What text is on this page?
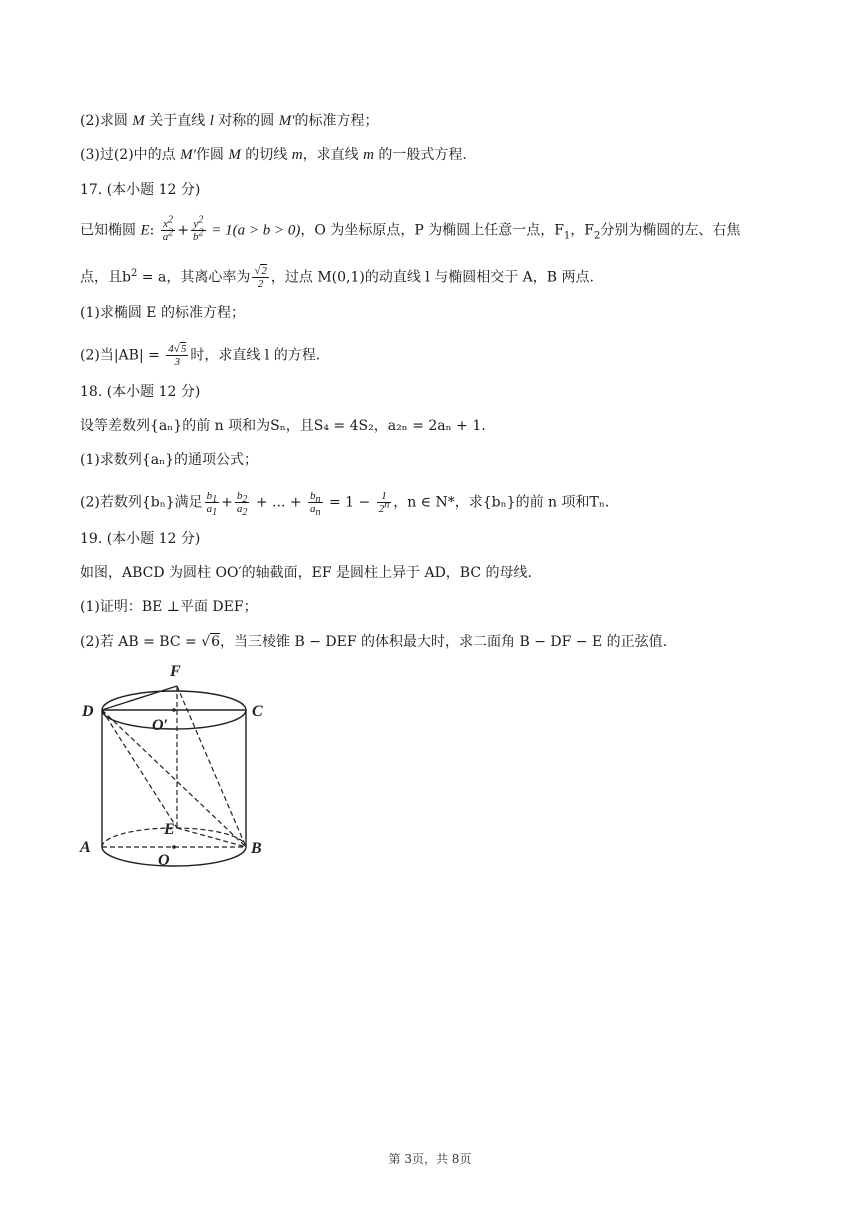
(2)求圆 M 关于直线 l 对称的圆 M′的标准方程；
(3)过(2)中的点 M′作圆 M 的切线 m，求直线 m 的一般式方程.
17. (本小题 12 分)
已知椭圆 E: $\frac{x^2}{a^2} + \frac{y^2}{b^2} = 1(a > b > 0)$，O 为坐标原点，P 为椭圆上任意一点，$F_1$，$F_2$分别为椭圆的左、右焦
点，且$b^2 = a$，其离心率为 $\frac{√2}{2}$ ，过点 M(0,1)的动直线 l 与椭圆相交于 A，B 两点.
(1)求椭圆 E 的标准方程；
(2)当$|AB| = \frac{4√5}{3}$ 时，求直线 l 的方程.
18. (本小题 12 分)
设等差数列{aₙ}的前 n 项和为Sₙ，且S₄ = 4S₂，a₂ₙ = 2aₙ + 1.
(1)求数列{aₙ}的通项公式；
(2)若数列{bₙ}满足 $\frac{b_1}{a_1} + \frac{b_2}{a_2}$ + ... + $\frac{b_n}{a_n} = 1 - \frac{1}{2^n}$ ，n ∈ N*，求{bₙ}的前 n 项和Tₙ.
19. (本小题 12 分)
如图，ABCD 为圆柱 OO′的轴截面，EF 是圆柱上异于 AD，BC 的母线.
(1)证明：BE ⊥平面 DEF；
(2)若 AB = BC = √6，当三棱锥 B − DEF 的体积最大时，求二面角 B − DF − E 的正弦值.
F
D	C
O′
E
A	B
O
第 3页，共 8页
